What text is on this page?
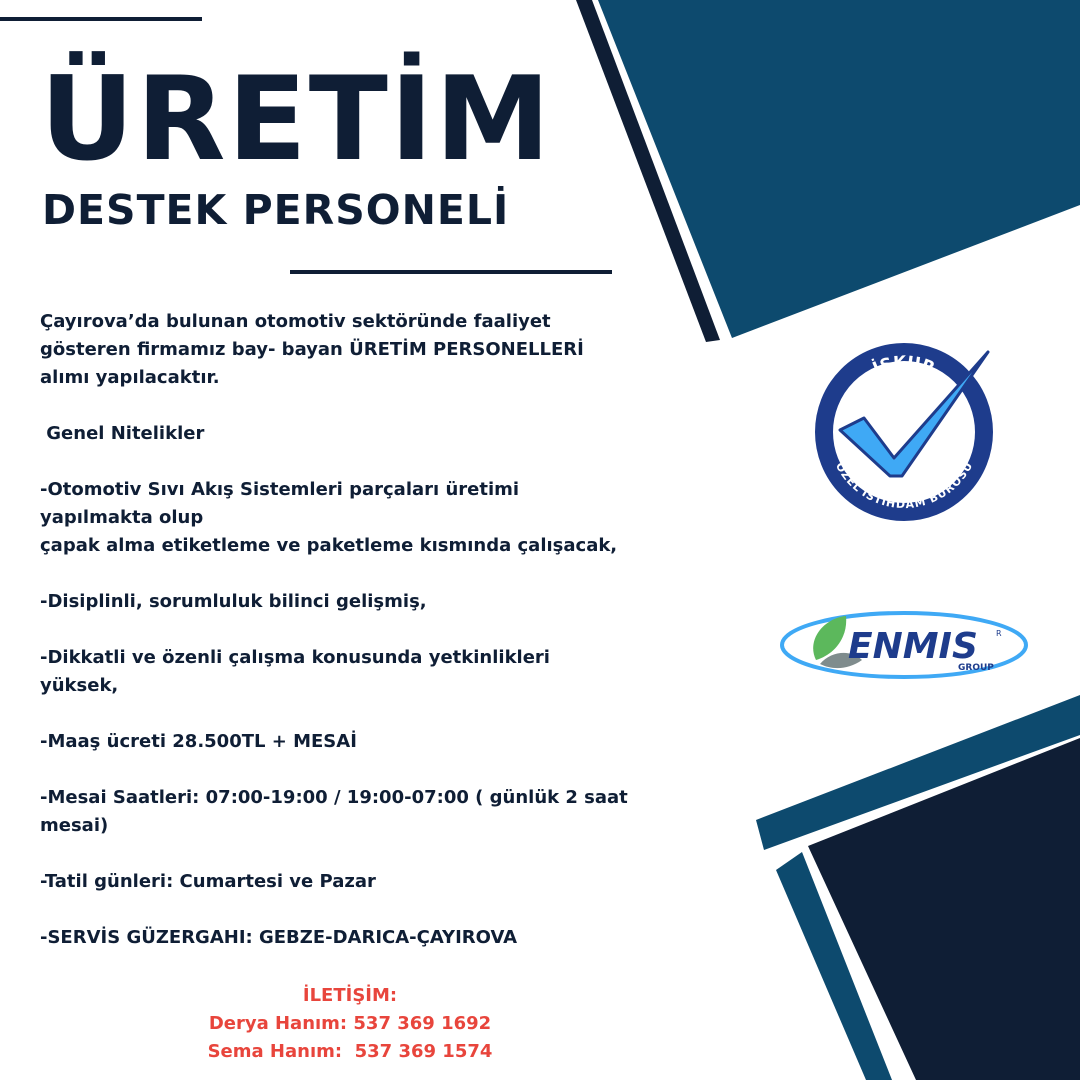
ÜRETİM
DESTEK PERSONELİ

Çayırova’da bulunan otomotiv sektöründe faaliyet

gösteren firmamız bay- bayan ÜRETİM PERSONELLERİ

alımı yapılacaktır.

Genel Nitelikler

-Otomotiv Sıvı Akış Sistemleri parçaları üretimi

yapılmakta olup

çapak alma etiketleme ve paketleme kısmında çalışacak,

-Disiplinli, sorumluluk bilinci gelişmiş,

-Dikkatli ve özenli çalışma konusunda yetkinlikleri

yüksek,

-Maaş ücreti 28.500TL + MESAİ

-Mesai Saatleri: 07:00-19:00 / 19:00-07:00 ( günlük 2 saat

mesai)

-Tatil günleri: Cumartesi ve Pazar

-SERVİS GÜZERGAHI: GEBZE-DARICA-ÇAYIROVA

İLETİŞİM:

Derya Hanım: 537 369 1692

Sema Hanım:  537 369 1574

İŞKUR
ÖZEL İSTİHDAM BÜROSU
ENMIS R
GROUP
